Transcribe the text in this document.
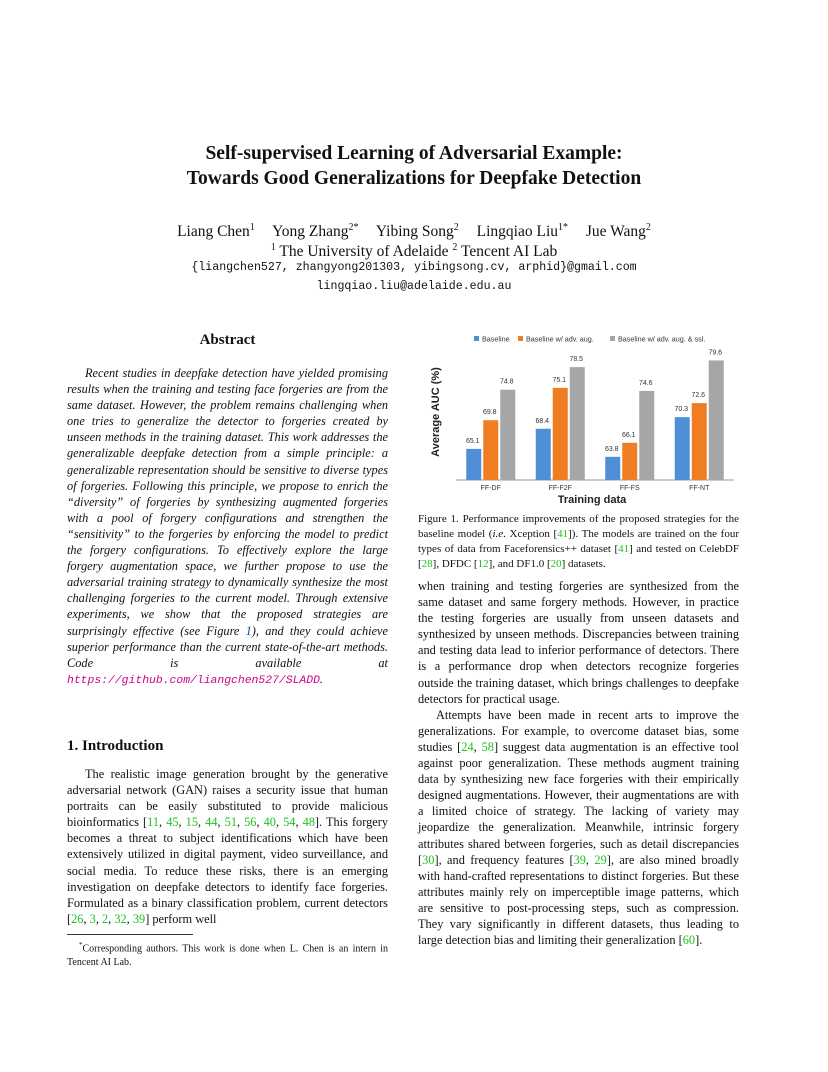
Self-supervised Learning of Adversarial Example:
Towards Good Generalizations for Deepfake Detection
Liang Chen$^1$ Yong Zhang$^{2*}$ Yibing Song$^2$ Lingqiao Liu$^{1*}$ Jue Wang$^2$
$^1$ The University of Adelaide $^2$ Tencent AI Lab
{liangchen527, zhangyong201303, yibingsong.cv, arphid}@gmail.com
lingqiao.liu@adelaide.edu.au
Abstract

Recent studies in deepfake detection have yielded promising results when the training and testing face forgeries are from the same dataset. However, the problem remains challenging when one tries to generalize the detector to forgeries created by unseen methods in the training dataset. This work addresses the generalizable deepfake detection from a simple principle: a generalizable representation should be sensitive to diverse types of forgeries. Following this principle, we propose to enrich the “diversity” of forgeries by synthesizing augmented forgeries with a pool of forgery configurations and strengthen the “sensitivity” to the forgeries by enforcing the model to predict the forgery configurations. To effectively explore the large forgery augmentation space, we further propose to use the adversarial training strategy to dynamically synthesize the most challenging forgeries to the current model. Through extensive experiments, we show that the proposed strategies are surprisingly effective (see Figure 1), and they could achieve superior performance than the current state-of-the-art methods. Code is available at https://github.com/liangchen527/SLADD.

1. Introduction

The realistic image generation brought by the generative adversarial network (GAN) raises a security issue that human portraits can be easily substituted to provide malicious bioinformatics [11, 45, 15, 44, 51, 56, 40, 54, 48]. This forgery becomes a threat to subject identifications which have been extensively utilized in digital payment, video surveillance, and social media. To reduce these risks, there is an emerging investigation on deepfake detectors to identify face forgeries. Formulated as a binary classification problem, current detectors [26, 3, 2, 32, 39] perform well

*Corresponding authors. This work is done when L. Chen is an intern in Tencent AI Lab.

Baseline Baseline w/ adv. aug.	Baseline w/ adv. aug. & ssl.
Average AUC (%)	65.1
69.8
74.8
68.4
75.1
78.5
63.8
66.1
74.6
70.3
72.6
79.6
FF-DF	FF-F2F	FF-FS	FF-NT
Training data
Figure 1. Performance improvements of the proposed strategies for the baseline model (i.e. Xception [41]). The models are trained on the four types of data from Faceforensics++ dataset [41] and tested on CelebDF [28], DFDC [12], and DF1.0 [20] datasets.

when training and testing forgeries are synthesized from the same dataset and same forgery methods. However, in practice the testing forgeries are usually from unseen datasets and synthesized by unseen methods. Discrepancies between training and testing data lead to inferior performance of detectors. There is a performance drop when detectors recognize forgeries outside the training dataset, which brings challenges to deepfake detectors for practical usage.

Attempts have been made in recent arts to improve the generalizations. For example, to overcome dataset bias, some studies [24, 58] suggest data augmentation is an effective tool against poor generalization. These methods augment training data by synthesizing new face forgeries with their empirically designed augmentations. However, their augmentations are with a limited choice of strategy. The lacking of variety may jeopardize the generalization. Meanwhile, intrinsic forgery attributes shared between forgeries, such as detail discrepancies [30], and frequency features [39, 29], are also mined broadly with hand-crafted representations to distinct forgeries. But these attributes mainly rely on imperceptible image patterns, which are sensitive to post-processing steps, such as compression. They vary significantly in different datasets, thus leading to large detection bias and limiting their generalization [60].
